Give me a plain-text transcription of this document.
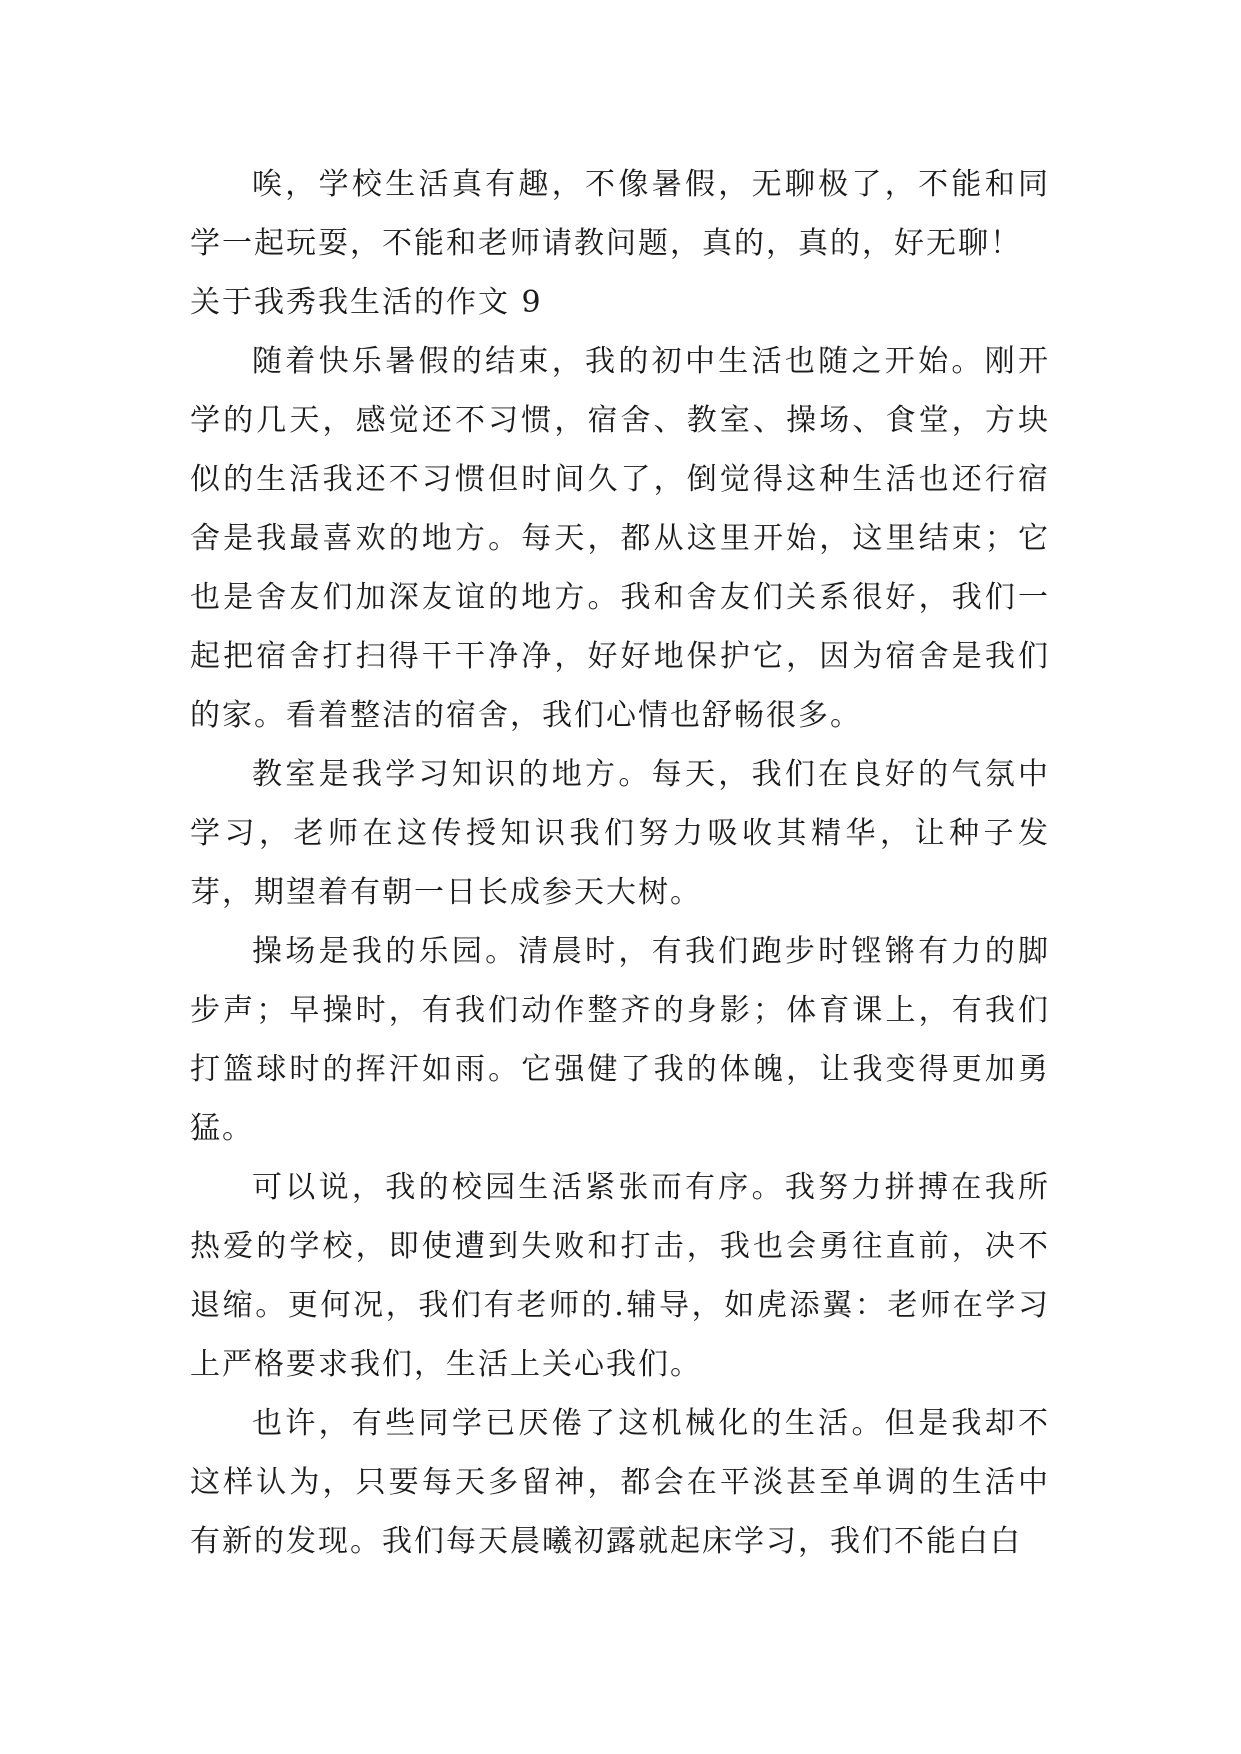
唉，学校生活真有趣，不像暑假，无聊极了，不能和同学一起玩耍，不能和老师请教问题，真的，真的，好无聊！

关于我秀我生活的作文 9

随着快乐暑假的结束，我的初中生活也随之开始。刚开学的几天，感觉还不习惯，宿舍、教室、操场、食堂，方块似的生活我还不习惯但时间久了，倒觉得这种生活也还行宿舍是我最喜欢的地方。每天，都从这里开始，这里结束；它也是舍友们加深友谊的地方。我和舍友们关系很好，我们一起把宿舍打扫得干干净净，好好地保护它，因为宿舍是我们的家。看着整洁的宿舍，我们心情也舒畅很多。

教室是我学习知识的地方。每天，我们在良好的气氛中学习，老师在这传授知识我们努力吸收其精华，让种子发芽，期望着有朝一日长成参天大树。

操场是我的乐园。清晨时，有我们跑步时铿锵有力的脚步声；早操时，有我们动作整齐的身影；体育课上，有我们打篮球时的挥汗如雨。它强健了我的体魄，让我变得更加勇猛。

可以说，我的校园生活紧张而有序。我努力拼搏在我所热爱的学校，即使遭到失败和打击，我也会勇往直前，决不退缩。更何况，我们有老师的.辅导，如虎添翼：老师在学习上严格要求我们，生活上关心我们。

也许，有些同学已厌倦了这机械化的生活。但是我却不这样认为，只要每天多留神，都会在平淡甚至单调的生活中有新的发现。我们每天晨曦初露就起床学习，我们不能白白
